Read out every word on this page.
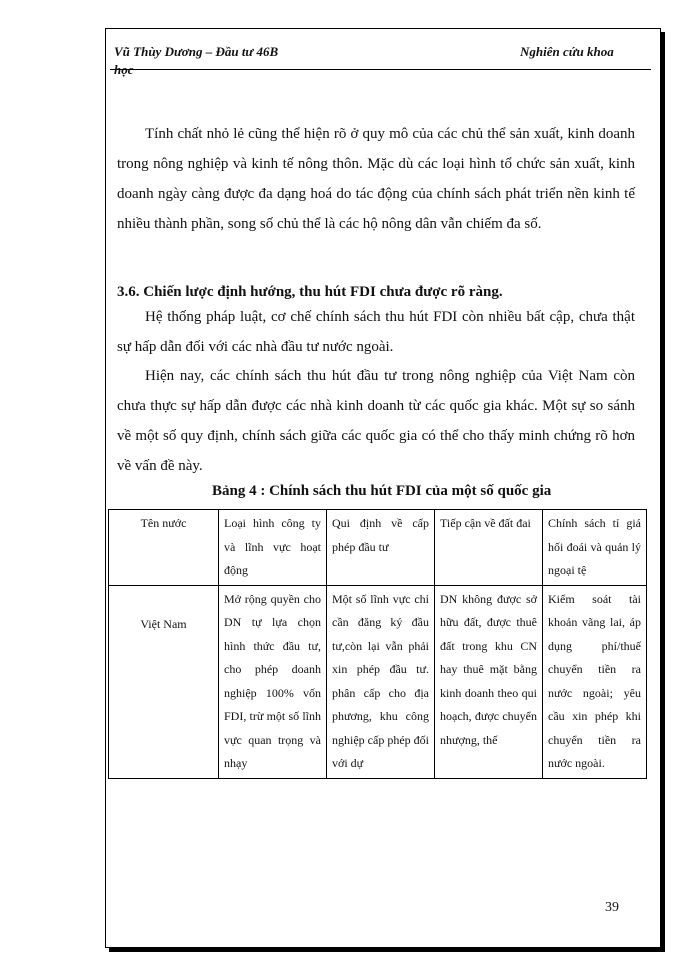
Vũ Thùy Dương – Đầu tư 46B	Nghiên cứu khoa
học

Tính chất nhỏ lẻ cũng thể hiện rõ ở quy mô của các chủ thể sản xuất, kinh doanh trong nông nghiệp và kinh tế nông thôn. Mặc dù các loại hình tổ chức sản xuất, kinh doanh ngày càng được đa dạng hoá do tác động của chính sách phát triển nền kinh tế nhiều thành phần, song số chủ thể là các hộ nông dân vẫn chiếm đa số.

3.6. Chiến lược định hướng, thu hút FDI chưa được rõ ràng.

Hệ thống pháp luật, cơ chế chính sách thu hút FDI còn nhiều bất cập, chưa thật sự hấp dẫn đối với các nhà đầu tư nước ngoài.

Hiện nay, các chính sách thu hút đầu tư trong nông nghiệp của Việt Nam còn chưa thực sự hấp dẫn được các nhà kinh doanh từ các quốc gia khác. Một sự so sánh về một số quy định, chính sách giữa các quốc gia có thể cho thấy minh chứng rõ hơn về vấn đề này.

Bảng 4 : Chính sách thu hút FDI của một số quốc gia
Tên nước	Loại hình công ty và lĩnh vực hoạt động	Qui định về cấp phép đầu tư	Tiếp cận về đất đai	Chính sách tỉ giá hối đoái và quản lý ngoại tệ
Việt Nam	Mở rộng quyền cho DN tự lựa chọn hình thức đầu tư, cho phép doanh nghiệp 100% vốn FDI, trừ một số lĩnh vực quan trọng và nhạy	Một số lĩnh vực chỉ cần đăng ký đầu tư,còn lại vẫn phải xin phép đầu tư. phân cấp cho địa phương, khu công nghiệp cấp phép đối với dự	DN không được sở hữu đất, được thuê đất trong khu CN hay thuê mặt bằng kinh doanh theo qui hoạch, được chuyển nhượng, thế	Kiểm soát tài khoản vãng lai, áp dụng phí/thuế chuyển tiền ra nước ngoài; yêu cầu xin phép khi chuyển tiền ra nước ngoài.
39
